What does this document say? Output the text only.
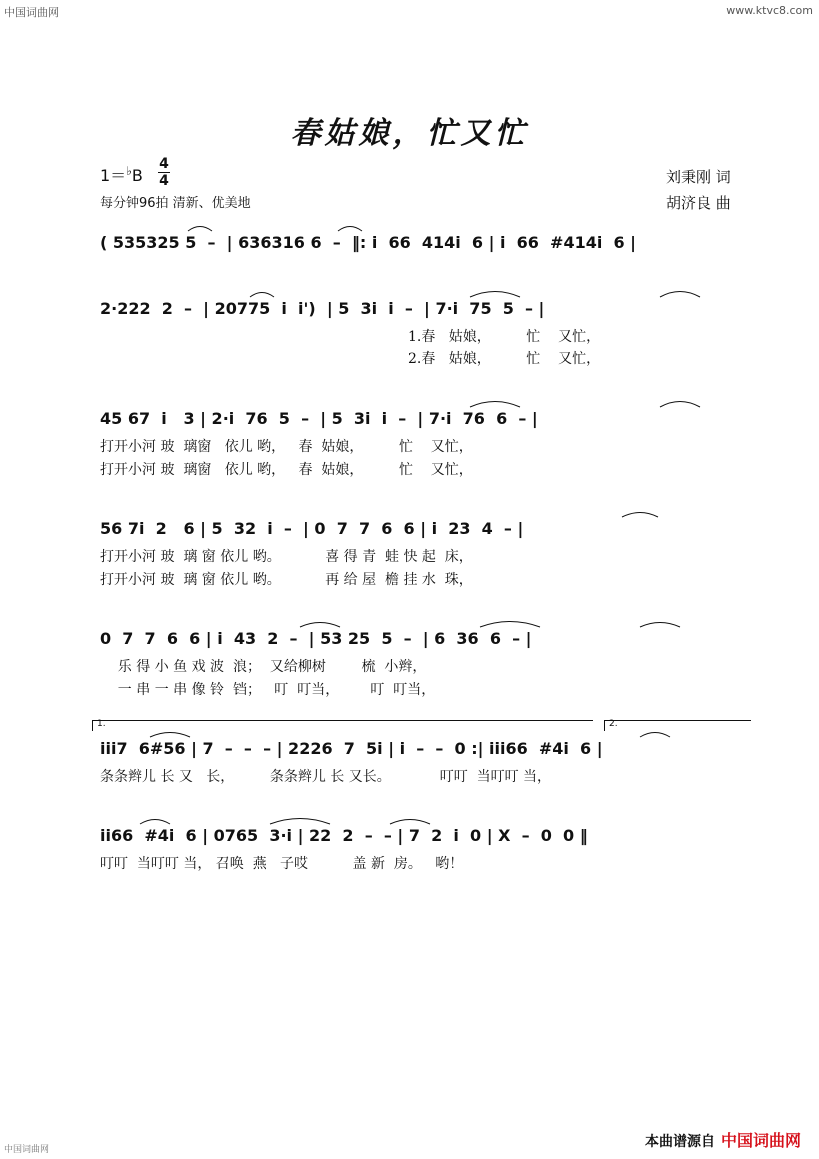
中国词曲网	www.ktvc8.com
春姑娘，忙又忙
1＝♭B
4
4
每分钟96拍 清新、优美地
刘秉刚 词
胡济良 曲
( 535325 5  –  | 636316 6  –  ‖: i  66  414i  6 | i  66  #414i  6 |
2·222  2  –  | 20775  i  i')  | 5  3i  i  –  | 7·i  75  5  – |
1.春   姑娘，        忙    又忙，
2.春   姑娘，        忙    又忙，
45 67  i   3 | 2·i  76  5  –  | 5  3i  i  –  | 7·i  76  6  – |
打开小河 玻  璃窗   依儿 哟，   春  姑娘，        忙    又忙，
打开小河 玻  璃窗   依儿 哟，   春  姑娘，        忙    又忙，
56 7i  2   6 | 5  32  i  –  | 0  7  7  6  6 | i  23  4  – |
打开小河 玻  璃 窗 依儿 哟。          喜 得 青  蛙 快 起  床，
打开小河 玻  璃 窗 依儿 哟。          再 给 屋  檐 挂 水  珠，
0  7  7  6  6 | i  43  2  –  | 53 25  5  –  | 6  36  6  – |
乐 得 小 鱼 戏 波  浪；  又给柳树        梳  小辫，
一 串 一 串 像 铃  铛；   叮  叮当，       叮  叮当，
1.	2.
iii7  6#56 | 7  –  –  – | 2226  7  5i | i  –  –  0 :| iii66  #4i  6 |
条条辫儿 长 又   长，        条条辫儿 长 又长。           叮叮  当叮叮 当，
ii66  #4i  6 | 0765  3·i | 22  2  –  – | 7  2  i  0 | X  –  0  0 ‖
叮叮  当叮叮 当， 召唤  燕   子哎          盖 新  房。   哟！
本曲谱源自 中国词曲网
中国词曲网
